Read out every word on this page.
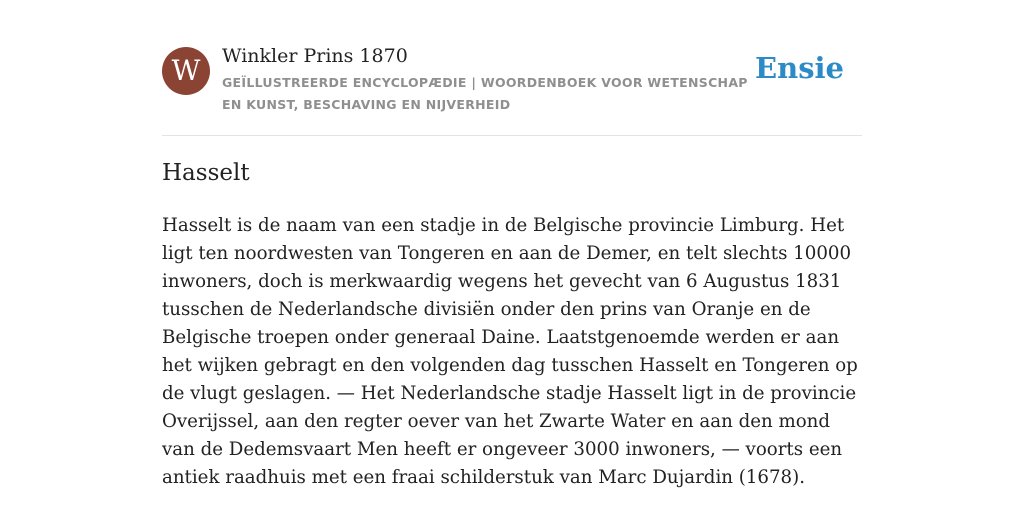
W	Winkler Prins 1870
GEÏLLUSTREERDE ENCYCLOPÆDIE | WOORDENBOEK VOOR WETENSCHAP EN KUNST, BESCHAVING EN NIJVERHEID
Ensie
Hasselt

Hasselt is de naam van een stadje in de Belgische provincie Limburg. Het ligt ten noordwesten van Tongeren en aan de Demer, en telt slechts 10000 inwoners, doch is merkwaardig wegens het gevecht van 6 Augustus 1831 tusschen de Nederlandsche divisiën onder den prins van Oranje en de Belgische troepen onder generaal Daine. Laatstgenoemde werden er aan het wijken gebragt en den volgenden dag tusschen Hasselt en Tongeren op de vlugt geslagen. — Het Nederlandsche stadje Hasselt ligt in de provincie Overijssel, aan den regter oever van het Zwarte Water en aan den mond van de Dedemsvaart Men heeft er ongeveer 3000 inwoners, — voorts een antiek raadhuis met een fraai schilderstuk van Marc Dujardin (1678).
